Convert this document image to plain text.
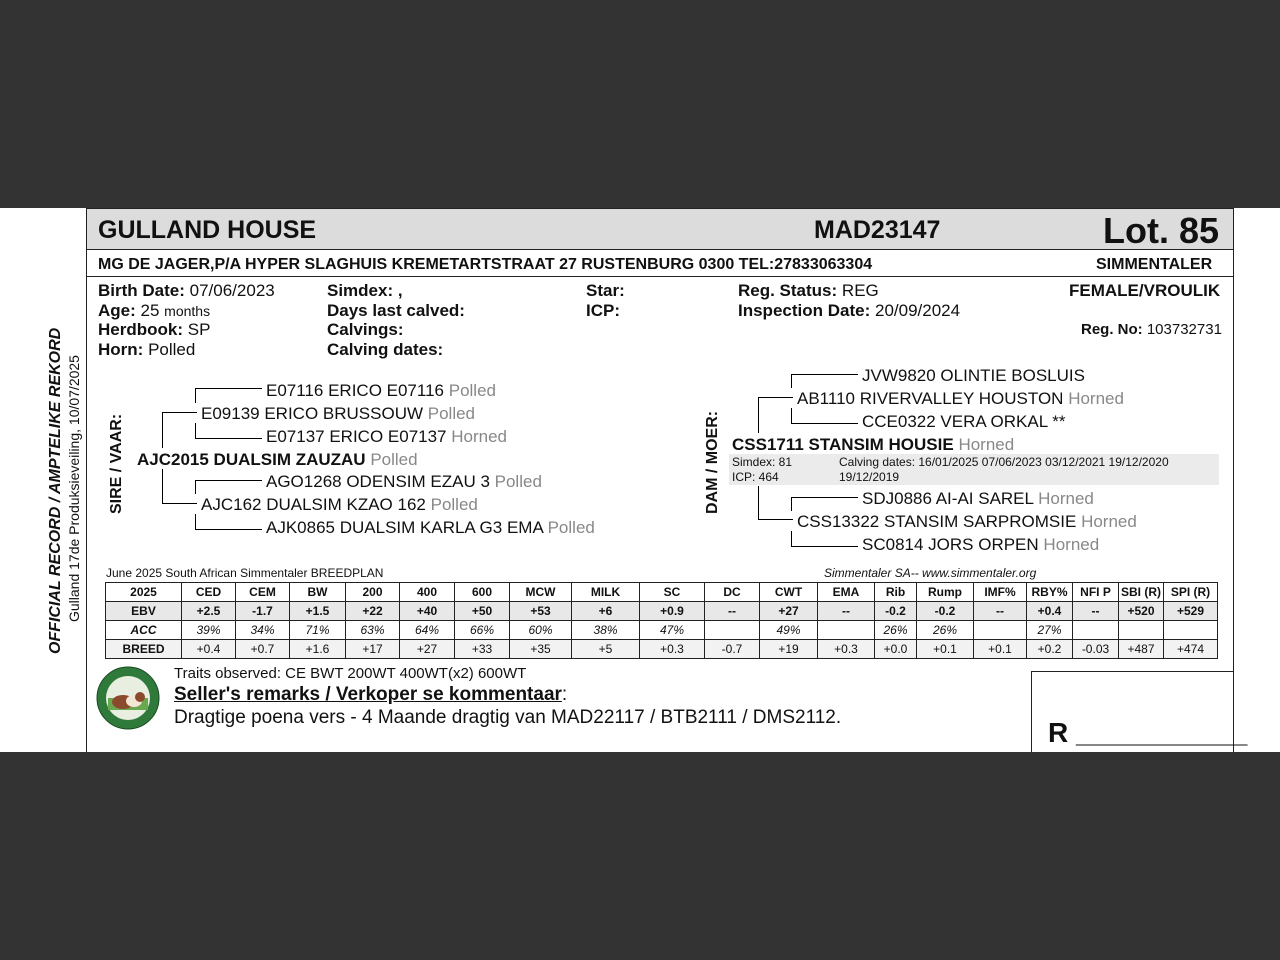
GULLAND HOUSE	MAD23147	Lot. 85
MG DE JAGER,P/A HYPER SLAGHUIS KREMETARTSTRAAT 27 RUSTENBURG 0300 TEL:27833063304	SIMMENTALER
Birth Date: 07/06/2023
Age: 25 months
Herdbook: SP
Horn: Polled
Simdex: ,
Days last calved:
Calvings:
Calving dates:
Star:
ICP:
Reg. Status: REG
Inspection Date: 20/09/2024
FEMALE/VROULIK
Reg. No: 103732731
OFFICIAL RECORD / AMPTELIKE REKORD Gulland 17de Produksieveiling, 10/07/2025 SIRE / VAAR:
E07116 ERICO E07116 Polled
E09139 ERICO BRUSSOUW Polled
E07137 ERICO E07137 Horned
AJC2015 DUALSIM ZAUZAU Polled
AGO1268 ODENSIM EZAU 3 Polled
AJC162 DUALSIM KZAO 162 Polled
AJK0865 DUALSIM KARLA G3 EMA Polled
DAM / MOER:
JVW9820 OLINTIE BOSLUIS
AB1110 RIVERVALLEY HOUSTON Horned
CCE0322 VERA ORKAL **
CSS1711 STANSIM HOUSIE Horned
Simdex: 81
ICP: 464
Calving dates: 16/01/2025 07/06/2023 03/12/2021 19/12/2020
19/12/2019
SDJ0886 AI-AI SAREL Horned
CSS13322 STANSIM SARPROMSIE Horned
SC0814 JORS ORPEN Horned
June 2025 South African Simmentaler BREEDPLAN	Simmentaler SA-- www.simmentaler.org
2025	CED	CEM	BW	200	400	600	MCW	MILK	SC	DC	CWT	EMA	Rib	Rump	IMF%	RBY%	NFI P	SBI (R)	SPI (R)
EBV	+2.5	-1.7	+1.5	+22	+40	+50	+53	+6	+0.9	--	+27	--	-0.2	-0.2	--	+0.4	--	+520	+529
ACC	39%	34%	71%	63%	64%	66%	60%	38%	47%		49%		26%	26%		27%			
BREED	+0.4	+0.7	+1.6	+17	+27	+33	+35	+5	+0.3	-0.7	+19	+0.3	+0.0	+0.1	+0.1	+0.2	-0.03	+487	+474
Traits observed: CE BWT 200WT 400WT(x2) 600WT
Seller's remarks / Verkoper se kommentaar:
Dragtige poena vers - 4 Maande dragtig van MAD22117 / BTB2111 / DMS2112.	R ___________
